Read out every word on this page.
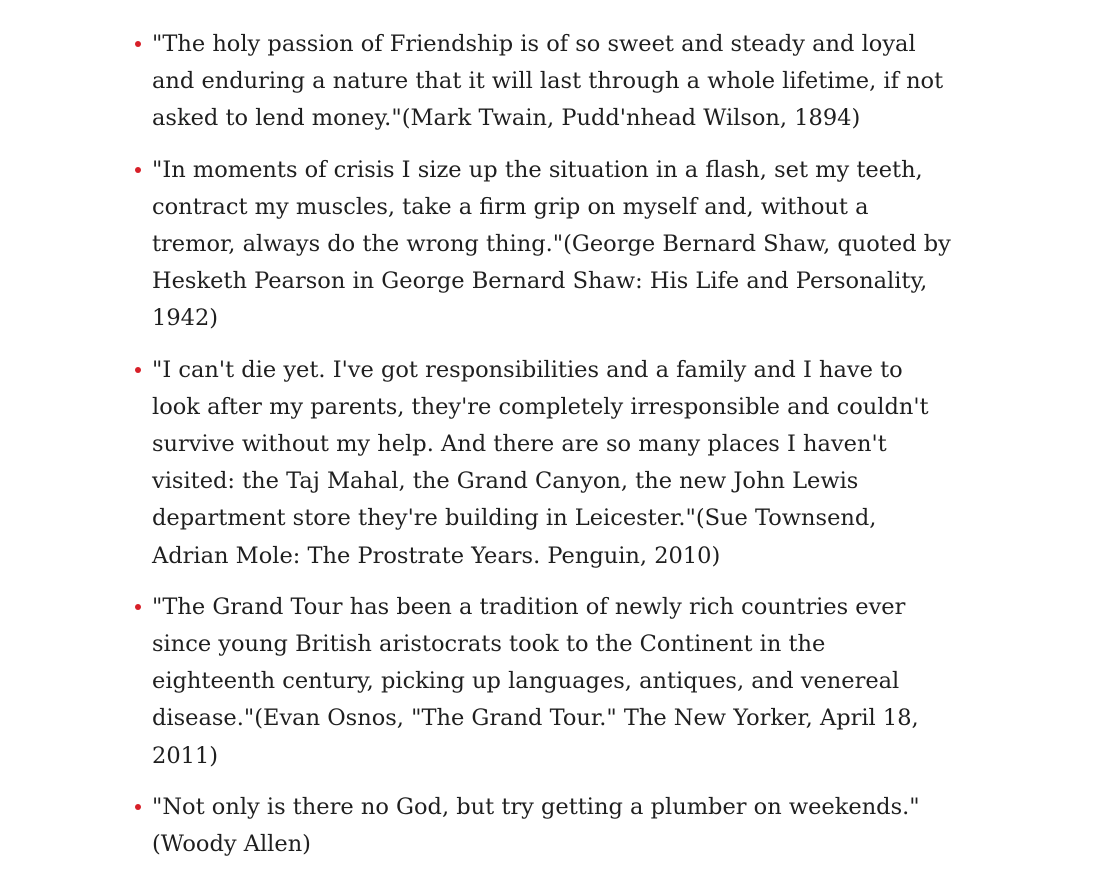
"The holy passion of Friendship is of so sweet and steady and loyal and enduring a nature that it will last through a whole lifetime, if not asked to lend money."(Mark Twain, Pudd'nhead Wilson, 1894)
"In moments of crisis I size up the situation in a flash, set my teeth, contract my muscles, take a firm grip on myself and, without a tremor, always do the wrong thing."(George Bernard Shaw, quoted by Hesketh Pearson in George Bernard Shaw: His Life and Personality, 1942)
"I can't die yet. I've got responsibilities and a family and I have to look after my parents, they're completely irresponsible and couldn't survive without my help. And there are so many places I haven't visited: the Taj Mahal, the Grand Canyon, the new John Lewis department store they're building in Leicester."(Sue Townsend, Adrian Mole: The Prostrate Years. Penguin, 2010)
"The Grand Tour has been a tradition of newly rich countries ever since young British aristocrats took to the Continent in the eighteenth century, picking up languages, antiques, and venereal disease."(Evan Osnos, "The Grand Tour." The New Yorker, April 18, 2011)
"Not only is there no God, but try getting a plumber on weekends."(Woody Allen)
